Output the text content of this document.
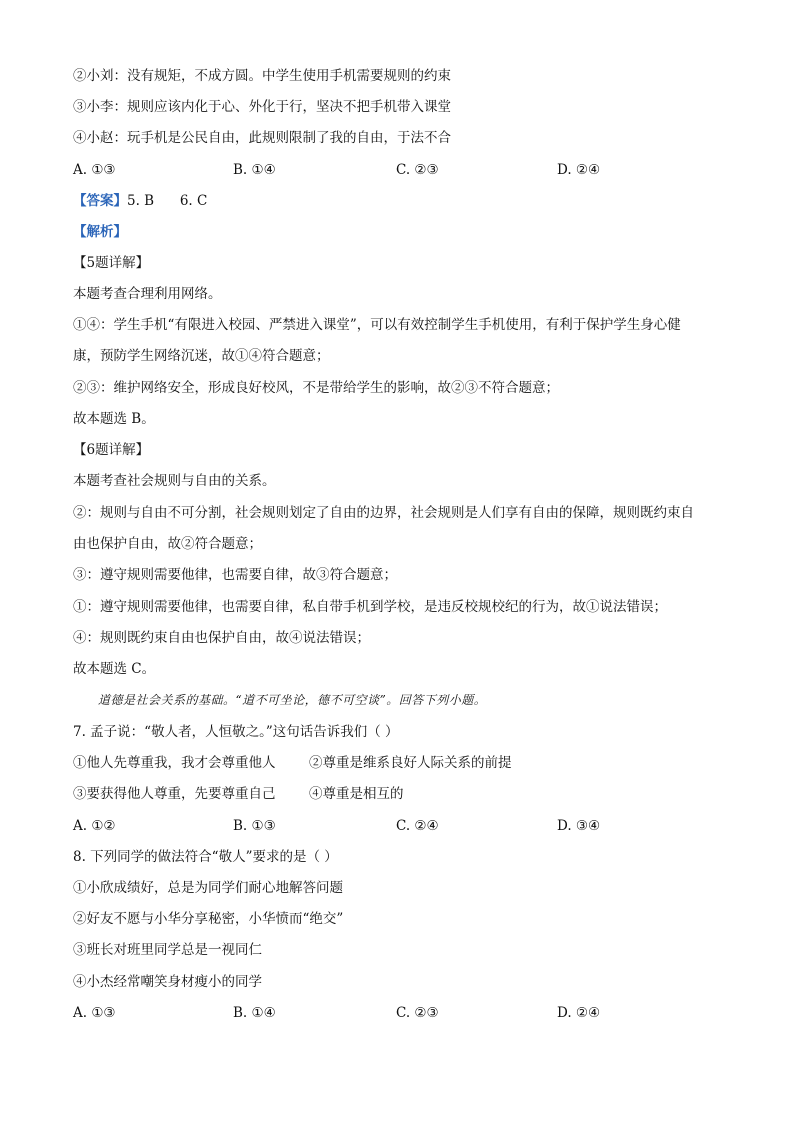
②小刘：没有规矩，不成方圆。中学生使用手机需要规则的约束
③小李：规则应该内化于心、外化于行，坚决不把手机带入课堂
④小赵：玩手机是公民自由，此规则限制了我的自由，于法不合
A. ①③	B. ①④	C. ②③	D. ②④
【答案】5. B      6. C
【解析】
【5题详解】
本题考查合理利用网络。
①④：学生手机“有限进入校园、严禁进入课堂”，可以有效控制学生手机使用，有利于保护学生身心健
康，预防学生网络沉迷，故①④符合题意；
②③：维护网络安全，形成良好校风，不是带给学生的影响，故②③不符合题意；
故本题选 B。
【6题详解】
本题考查社会规则与自由的关系。
②：规则与自由不可分割，社会规则划定了自由的边界，社会规则是人们享有自由的保障，规则既约束自
由也保护自由，故②符合题意；
③：遵守规则需要他律，也需要自律，故③符合题意；
①：遵守规则需要他律，也需要自律，私自带手机到学校，是违反校规校纪的行为，故①说法错误；
④：规则既约束自由也保护自由，故④说法错误；
故本题选 C。
道德是社会关系的基础。“道不可坐论，德不可空谈”。回答下列小题。
7. 孟子说：“敬人者，人恒敬之。”这句话告诉我们（ ）
①他人先尊重我，我才会尊重他人 ②尊重是维系良好人际关系的前提
③要获得他人尊重，先要尊重自己 ④尊重是相互的
A. ①②	B. ①③	C. ②④	D. ③④
8. 下列同学的做法符合“敬人”要求的是（ ）
①小欣成绩好，总是为同学们耐心地解答问题
②好友不愿与小华分享秘密，小华愤而“绝交”
③班长对班里同学总是一视同仁
④小杰经常嘲笑身材瘦小的同学
A. ①③	B. ①④	C. ②③	D. ②④
